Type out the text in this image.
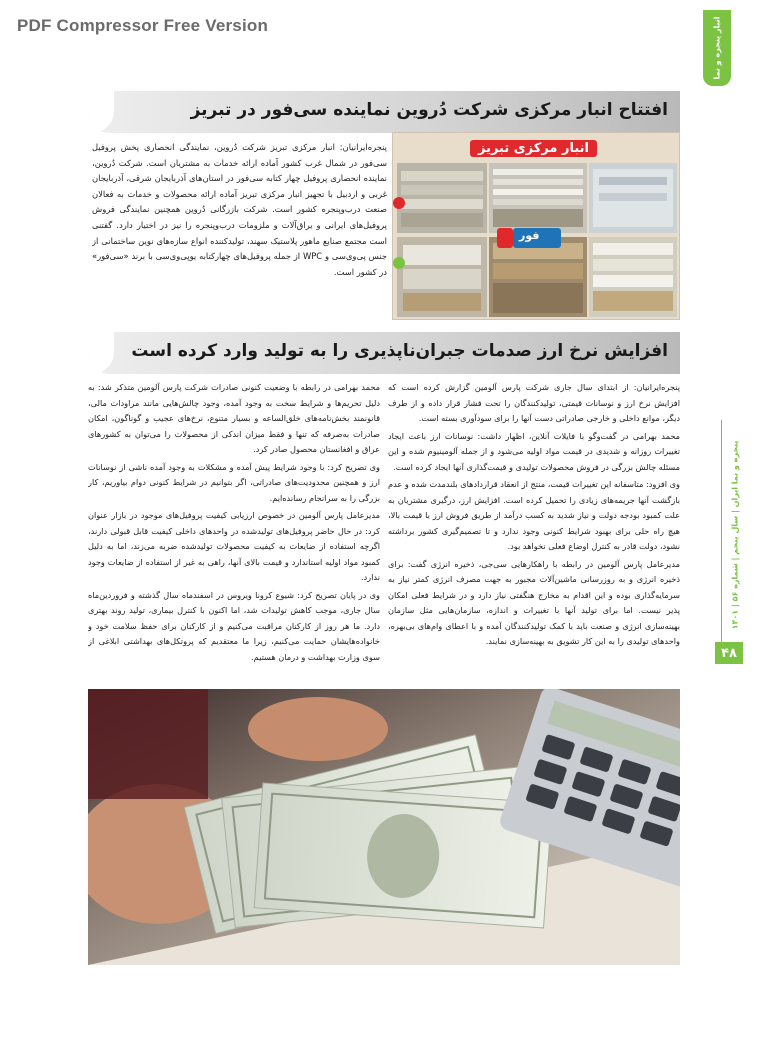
PDF Compressor Free Version	انبار پنجره و نما
پنجره و نما ایران | سال پنجم | شماره ۵۶ | ۱۴۰۱
۴۸
افتتاح انبار مرکزی شرکت دُروین نماینده سی‌فور در تبریز
پنجره‌ایرانیان: انبار مرکزی تبریز شرکت دُروین، نمایندگی انحصاری پخش پروفیل سی‌فور در شمال غرب کشور آماده ارائه خدمات به مشتریان است. شرکت دُروین، نماینده انحصاری پروفیل چهار کتابه سی‌فور در استان‌های آذربایجان شرقی، آذربایجان غربی و اردبیل با تجهیز انبار مرکزی تبریز آماده ارائه محصولات و خدمات به فعالان صنعت درب‌وپنجره کشور است. شرکت بازرگانی دُروین همچنین نمایندگی فروش پروفیل‌های ایرانی و یراق‌آلات و ملزومات درب‌وپنجره را نیز در اختیار دارد. گفتنی است مجتمع صنایع ماهور پلاستیک سهند، تولیدکننده انواع سازه‌های نوین ساختمانی از جنس پی‌وی‌سی و WPC از جمله پروفیل‌های چهارکتابه یوپی‌وی‌سی با برند «سی‌فور» در کشور است.
انبار مرکزی تبریز
فور
افزایش نرخ ارز صدمات جبران‌ناپذیری را به تولید وارد کرده است

پنجره‌ایرانیان: از ابتدای سال جاری شرکت پارس آلومین گزارش کرده است که افزایش نرخ ارز و نوسانات قیمتی، تولیدکنندگان را تحت فشار قرار داده و از طرف دیگر، موانع داخلی و خارجی صادراتی دست آنها را برای سودآوری بسته است.

محمد بهرامی در گفت‌وگو با فایلات آنلاین، اظهار داشت: نوسانات ارز باعث ایجاد تغییرات روزانه و شدیدی در قیمت مواد اولیه می‌شود و از جمله آلومینیوم شده و این مسئله چالش بزرگی در فروش محصولات تولیدی و قیمت‌گذاری آنها ایجاد کرده است.

وی افزود: متاسفانه این تغییرات قیمت، منتج از انعقاد قراردادهای بلندمدت شده و عدم بازگشت آنها جریمه‌های زیادی را تحمیل کرده است. افزایش ارز، درگیری مشتریان به علت کمبود بودجه دولت و نیاز شدید به کسب درآمد از طریق فروش ارز با قیمت بالا، هیچ راه حلی برای بهبود شرایط کنونی وجود ندارد و تا تصمیم‌گیری کشور برداشته نشود، دولت قادر به کنترل اوضاع فعلی نخواهد بود.

مدیرعامل پارس آلومین در رابطه با راهکارهایی سی‌جی، ذخیره انرژی گفت: برای ذخیره انرژی و به روزرسانی ماشین‌آلات مجبور به جهت مصرف انرژی کمتر نیاز به سرمایه‌گذاری بوده و این اقدام به مخارج هنگفتی نیاز دارد و در شرایط فعلی امکان پذیر نیست. اما برای تولید آنها با تغییرات و اندازه، سازمان‌هایی مثل سازمان بهینه‌سازی انرژی و صنعت باید با کمک تولیدکنندگان آمده و با اعطای وام‌های بی‌بهره، واحدهای تولیدی را به این کار تشویق به بهینه‌سازی نمایند.

محمد بهرامی در رابطه با وضعیت کنونی صادرات شرکت پارس آلومین متذکر شد: به دلیل تحریم‌ها و شرایط سخت به وجود آمده، وجود چالش‌هایی مانند مراودات مالی، قانونمند بخش‌نامه‌های خلق‌الساعه و بسیار متنوع، نرخ‌های عجیب و گوناگون، امکان صادرات به‌صرفه که تنها و فقط میزان اندکی از محصولات را می‌توان به کشورهای عراق و افغانستان محصول صادر کرد.

وی تصریح کرد: با وجود شرایط پیش آمده و مشکلات به وجود آمده ناشی از نوسانات ارز و همچنین محدودیت‌های صادراتی، اگر بتوانیم در شرایط کنونی دوام بیاوریم، کار بزرگی را به سرانجام رسانده‌ایم.

مدیرعامل پارس آلومین در خصوص ارزیابی کیفیت پروفیل‌های موجود در بازار عنوان کرد: در حال حاضر پروفیل‌های تولیدشده در واحدهای داخلی کیفیت قابل قبولی دارند، اگرچه استفاده از ضایعات به کیفیت محصولات تولیدشده ضربه می‌زند، اما به دلیل کمبود مواد اولیه استاندارد و قیمت بالای آنها، راهی به غیر از استفاده از ضایعات وجود ندارد.

وی در پایان تصریح کرد: شیوع کرونا ویروس در اسفندماه سال گذشته و فروردین‌ماه سال جاری، موجب کاهش تولیدات شد، اما اکنون با کنترل بیماری، تولید روند بهتری دارد. ما هر روز از کارکنان مراقبت می‌کنیم و از کارکنان برای حفظ سلامت خود و خانواده‌هایشان حمایت می‌کنیم، زیرا ما معتقدیم که پروتکل‌های بهداشتی ابلاغی از سوی وزارت بهداشت و درمان هستیم.
